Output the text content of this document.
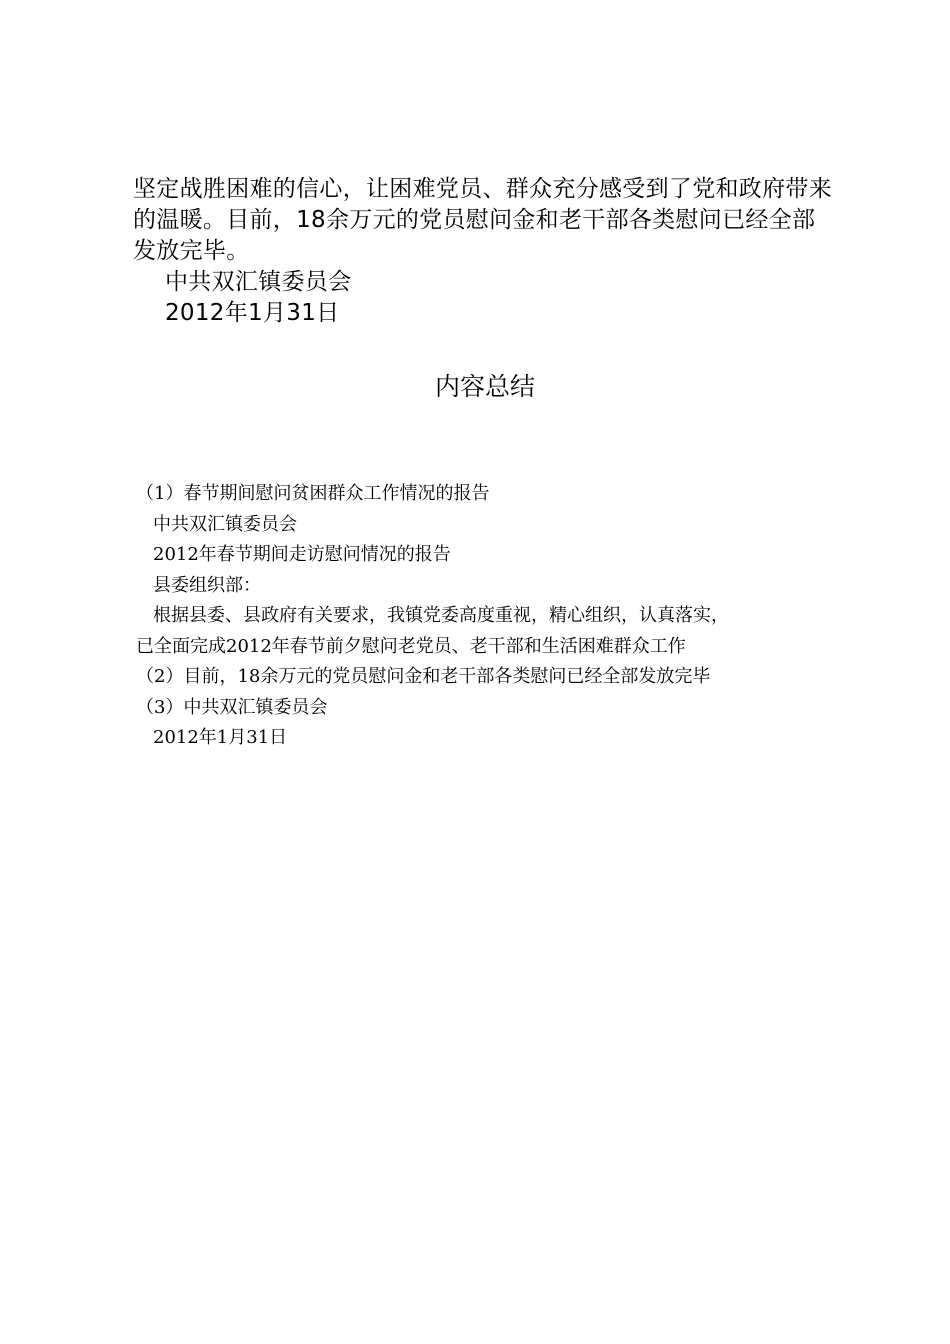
坚定战胜困难的信心，让困难党员、群众充分感受到了党和政府带来的温暖。目前，18余万元的党员慰问金和老干部各类慰问已经全部发放完毕。

中共双汇镇委员会

2012年1月31日

内容总结

（1）春节期间慰问贫困群众工作情况的报告

中共双汇镇委员会

2012年春节期间走访慰问情况的报告

县委组织部：

根据县委、县政府有关要求，我镇党委高度重视，精心组织，认真落实，

已全面完成2012年春节前夕慰问老党员、老干部和生活困难群众工作

（2）目前，18余万元的党员慰问金和老干部各类慰问已经全部发放完毕

（3）中共双汇镇委员会

2012年1月31日
